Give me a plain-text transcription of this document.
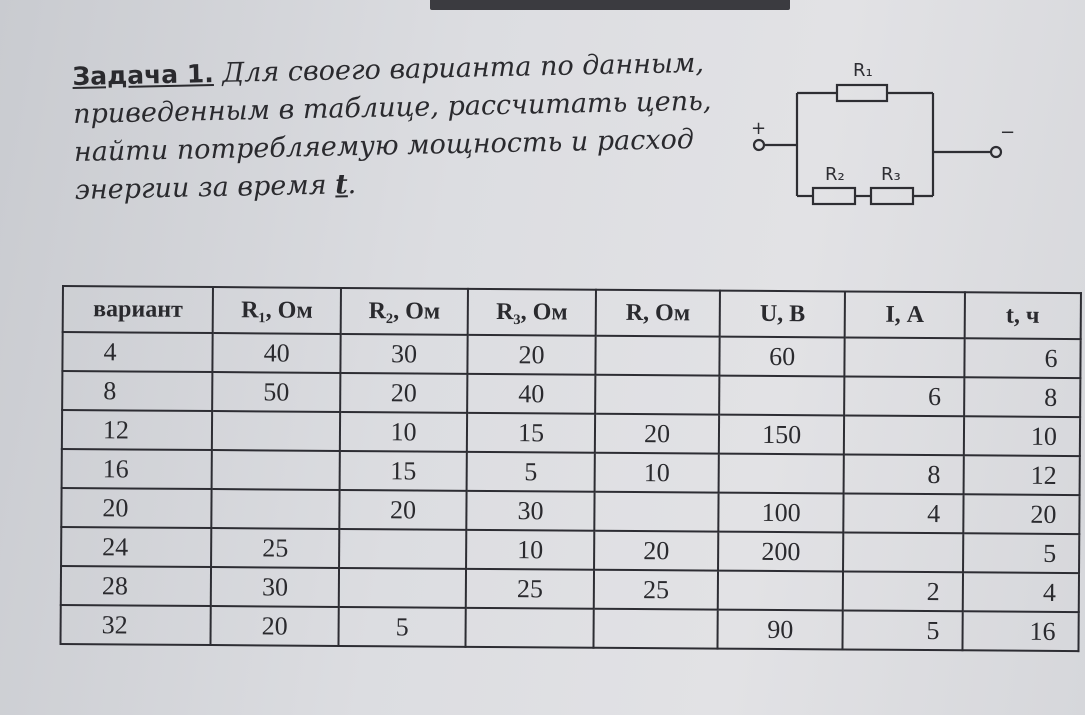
Задача 1. Для своего варианта по данным, приведенным в таблице, рассчитать цепь, найти потребляемую мощность и расход энергии за время t.
R₁
R₂ R₃
+	−
вариант	R₁, Ом	R₂, Ом	R₃, Ом	R, Ом	U, В	I, А	t, ч
4	40	30	20		60		6
8	50	20	40			6	8
12		10	15	20	150		10
16		15	5	10		8	12
20		20	30		100	4	20
24	25		10	20	200		5
28	30		25	25		2	4
32	20	5			90	5	16
